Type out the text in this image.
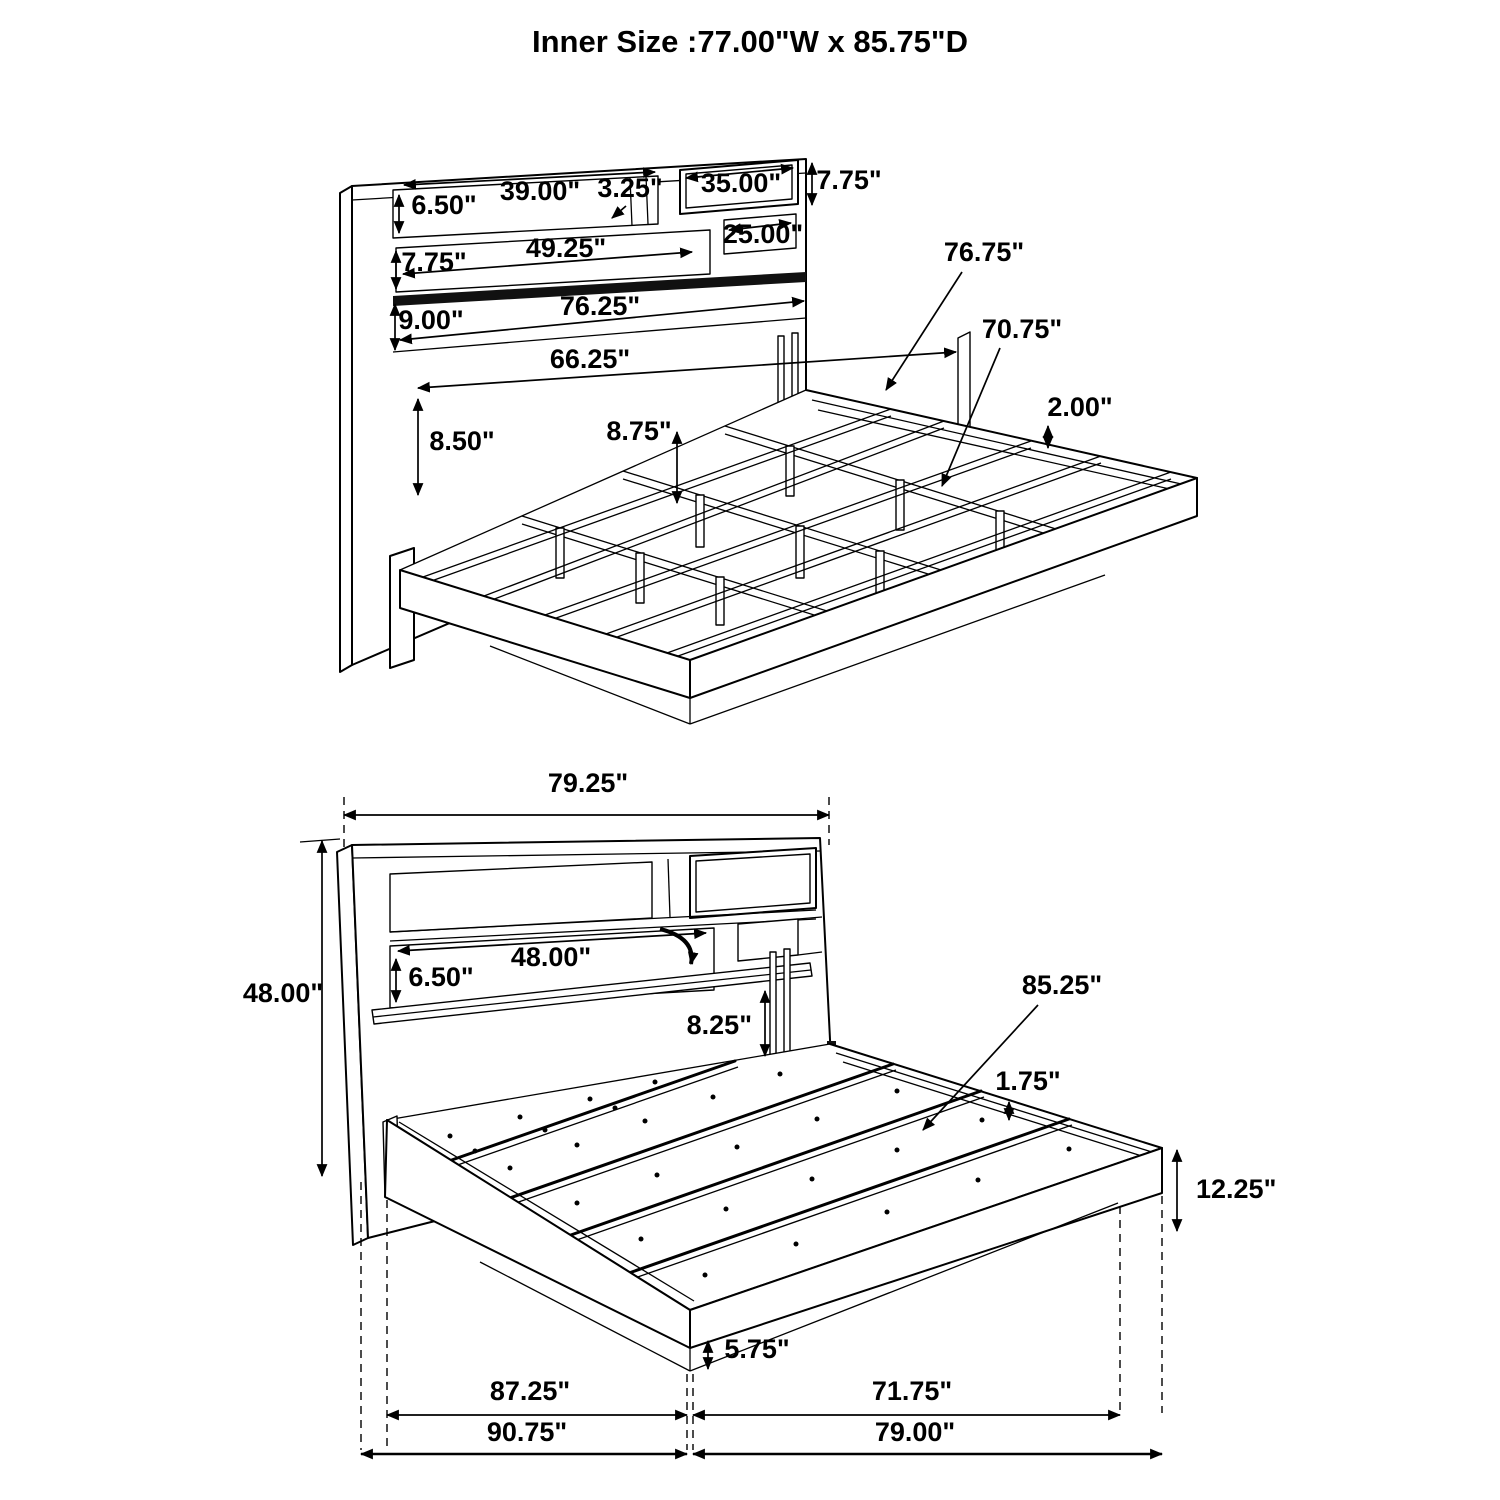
Inner Size :77.00"W x 85.75"D
6.50" 39.00" 3.25" 35.00" 7.75"
25.00"
49.25"
7.75"
9.00"	76.25"
66.25"
8.50"	8.75"
76.75"
70.75"
2.00"
79.25"
48.00"
48.00"
6.50"
8.25"
85.25"
1.75"
12.25"
5.75"
87.25"	71.75"
90.75"	79.00"
